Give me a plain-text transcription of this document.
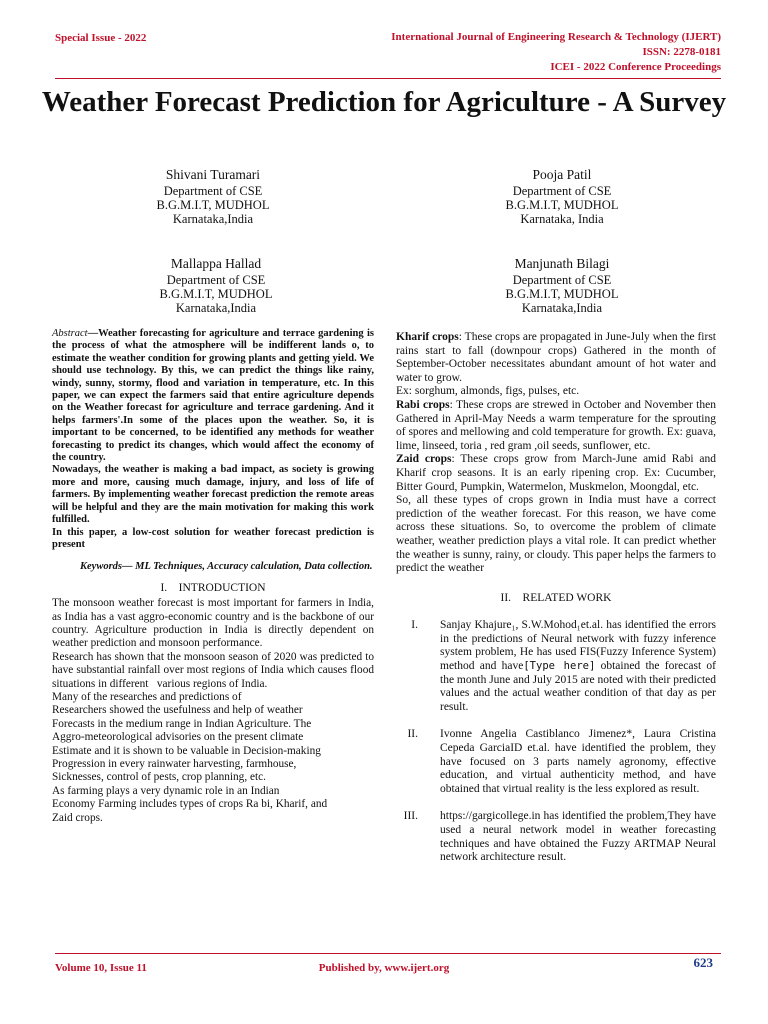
Special Issue - 2022	International Journal of Engineering Research & Technology (IJERT)
ISSN: 2278-0181
ICEI - 2022 Conference Proceedings
Weather Forecast Prediction for Agriculture - A Survey
Shivani Turamari
Department of CSE
B.G.M.I.T, MUDHOL
Karnataka,India
Pooja Patil
Department of CSE
B.G.M.I.T, MUDHOL
Karnataka, India
Mallappa Hallad
Department of CSE
B.G.M.I.T, MUDHOL
Karnataka,India
Manjunath Bilagi
Department of CSE
B.G.M.I.T, MUDHOL
Karnataka,India

Abstract—Weather forecasting for agriculture and terrace gardening is the process of what the atmosphere will be indifferent lands o, to estimate the weather condition for growing plants and getting yield. We should use technology. By this, we can predict the things like rainy, windy, sunny, stormy, flood and variation in temperature, etc. In this paper, we can expect the farmers said that entire agriculture depends on the Weather forecast for agriculture and terrace gardening. And it helps farmers'.In some of the places upon the weather. So, it is important to be concerned, to be identified any methods for weather forecasting to predict its changes, which would affect the economy of the country.

Nowadays, the weather is making a bad impact, as society is growing more and more, causing much damage, injury, and loss of life of farmers. By implementing weather forecast prediction the remote areas will be helpful and they are the main motivation for making this work fulfilled.

In this paper, a low-cost solution for weather forecast prediction is present

Keywords— ML Techniques, Accuracy calculation, Data collection.

I.    INTRODUCTION

The monsoon weather forecast is most important for farmers in India, as India has a vast aggro-economic country and is the backbone of our country. Agriculture production in India is directly dependent on weather prediction and monsoon performance.

Research has shown that the monsoon season of 2020 was predicted to have substantial rainfall over most regions of India which causes flood situations in different   various regions of India.

Many of the researches and predictions of

Researchers showed the usefulness and help of weather

Forecasts in the medium range in Indian Agriculture. The

Aggro-meteorological advisories on the present climate

Estimate and it is shown to be valuable in Decision-making

Progression in every rainwater harvesting, farmhouse,

Sicknesses, control of pests, crop planning, etc.

As farming plays a very dynamic role in an Indian

Economy Farming includes types of crops Ra bi, Kharif, and

Zaid crops.

Kharif crops: These crops are propagated in June-July when the first rains start to fall (downpour crops) Gathered in the month of September-October necessitates abundant amount of hot water and water to grow.

Ex: sorghum, almonds, figs, pulses, etc.

Rabi crops: These crops are strewed in October and November then Gathered in April-May Needs a warm temperature for the sprouting of spores and mellowing and cold temperature for growth. Ex: guava, lime, linseed, toria , red gram ,oil seeds, sunflower, etc.

Zaid crops: These crops grow from March-June amid Rabi and Kharif crop seasons. It is an early ripening crop. Ex: Cucumber, Bitter Gourd, Pumpkin, Watermelon, Muskmelon, Moongdal, etc.

So, all these types of crops grown in India must have a correct prediction of the weather forecast. For this reason, we have come across these situations. So, to overcome the problem of climate weather, weather prediction plays a vital role. It can predict whether the weather is sunny, rainy, or cloudy. This paper helps the farmers to predict the weather

II.    RELATED WORK
I. Sanjay Khajure₁, S.W.Mohod₁et.al. has identified the errors in the predictions of Neural network with fuzzy inference system problem, He has used FIS(Fuzzy Inference System) method and have[Type here] obtained the forecast of the month June and July 2015 are noted with their predicted values and the actual weather condition of that day as per result.
II. Ivonne Angelia Castiblanco Jimenez*, Laura Cristina Cepeda GarciaID et.al. have identified the problem, they have focused on 3 parts namely agronomy, effective education, and virtual authenticity method, and have obtained that virtual reality is the less explored as result.
III. https://gargicollege.in has identified the problem,They have used a neural network model in weather forecasting techniques and have obtained the Fuzzy ARTMAP Neural network architecture result.
Volume 10, Issue 11	Published by, www.ijert.org	623
